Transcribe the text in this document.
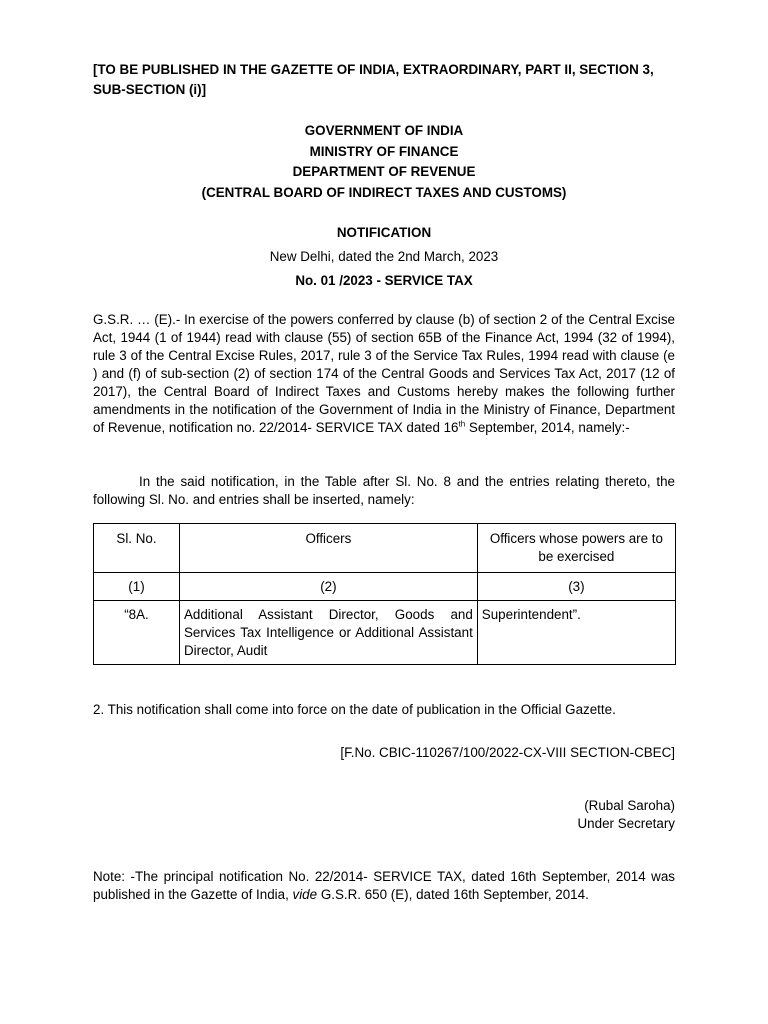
[TO BE PUBLISHED IN THE GAZETTE OF INDIA, EXTRAORDINARY, PART II, SECTION 3, SUB-SECTION (i)]

GOVERNMENT OF INDIA

MINISTRY OF FINANCE

DEPARTMENT OF REVENUE

(CENTRAL BOARD OF INDIRECT TAXES AND CUSTOMS)

NOTIFICATION

New Delhi, dated the 2nd March, 2023

No. 01 /2023 - SERVICE TAX

G.S.R. … (E).- In exercise of the powers conferred by clause (b) of section 2 of the Central Excise Act, 1944 (1 of 1944) read with clause (55) of section 65B of the Finance Act, 1994 (32 of 1994), rule 3 of the Central Excise Rules, 2017, rule 3 of the Service Tax Rules, 1994 read with clause (e ) and (f) of sub-section (2) of section 174 of the Central Goods and Services Tax Act, 2017 (12 of 2017), the Central Board of Indirect Taxes and Customs hereby makes the following further amendments in the notification of the Government of India in the Ministry of Finance, Department of Revenue, notification no. 22/2014- SERVICE TAX dated 16th September, 2014, namely:-

In the said notification, in the Table after Sl. No. 8 and the entries relating thereto, the following Sl. No. and entries shall be inserted, namely:

Sl. No.	Officers	Officers whose powers are to be exercised
(1)	(2)	(3)
“8A.	Additional Assistant Director, Goods and Services Tax Intelligence or Additional Assistant Director, Audit	Superintendent”.

2. This notification shall come into force on the date of publication in the Official Gazette.

[F.No. CBIC-110267/100/2022-CX-VIII SECTION-CBEC]

(Rubal Saroha)
Under Secretary

Note: -The principal notification No. 22/2014- SERVICE TAX, dated 16th September, 2014 was published in the Gazette of India, vide G.S.R. 650 (E), dated 16th September, 2014.
